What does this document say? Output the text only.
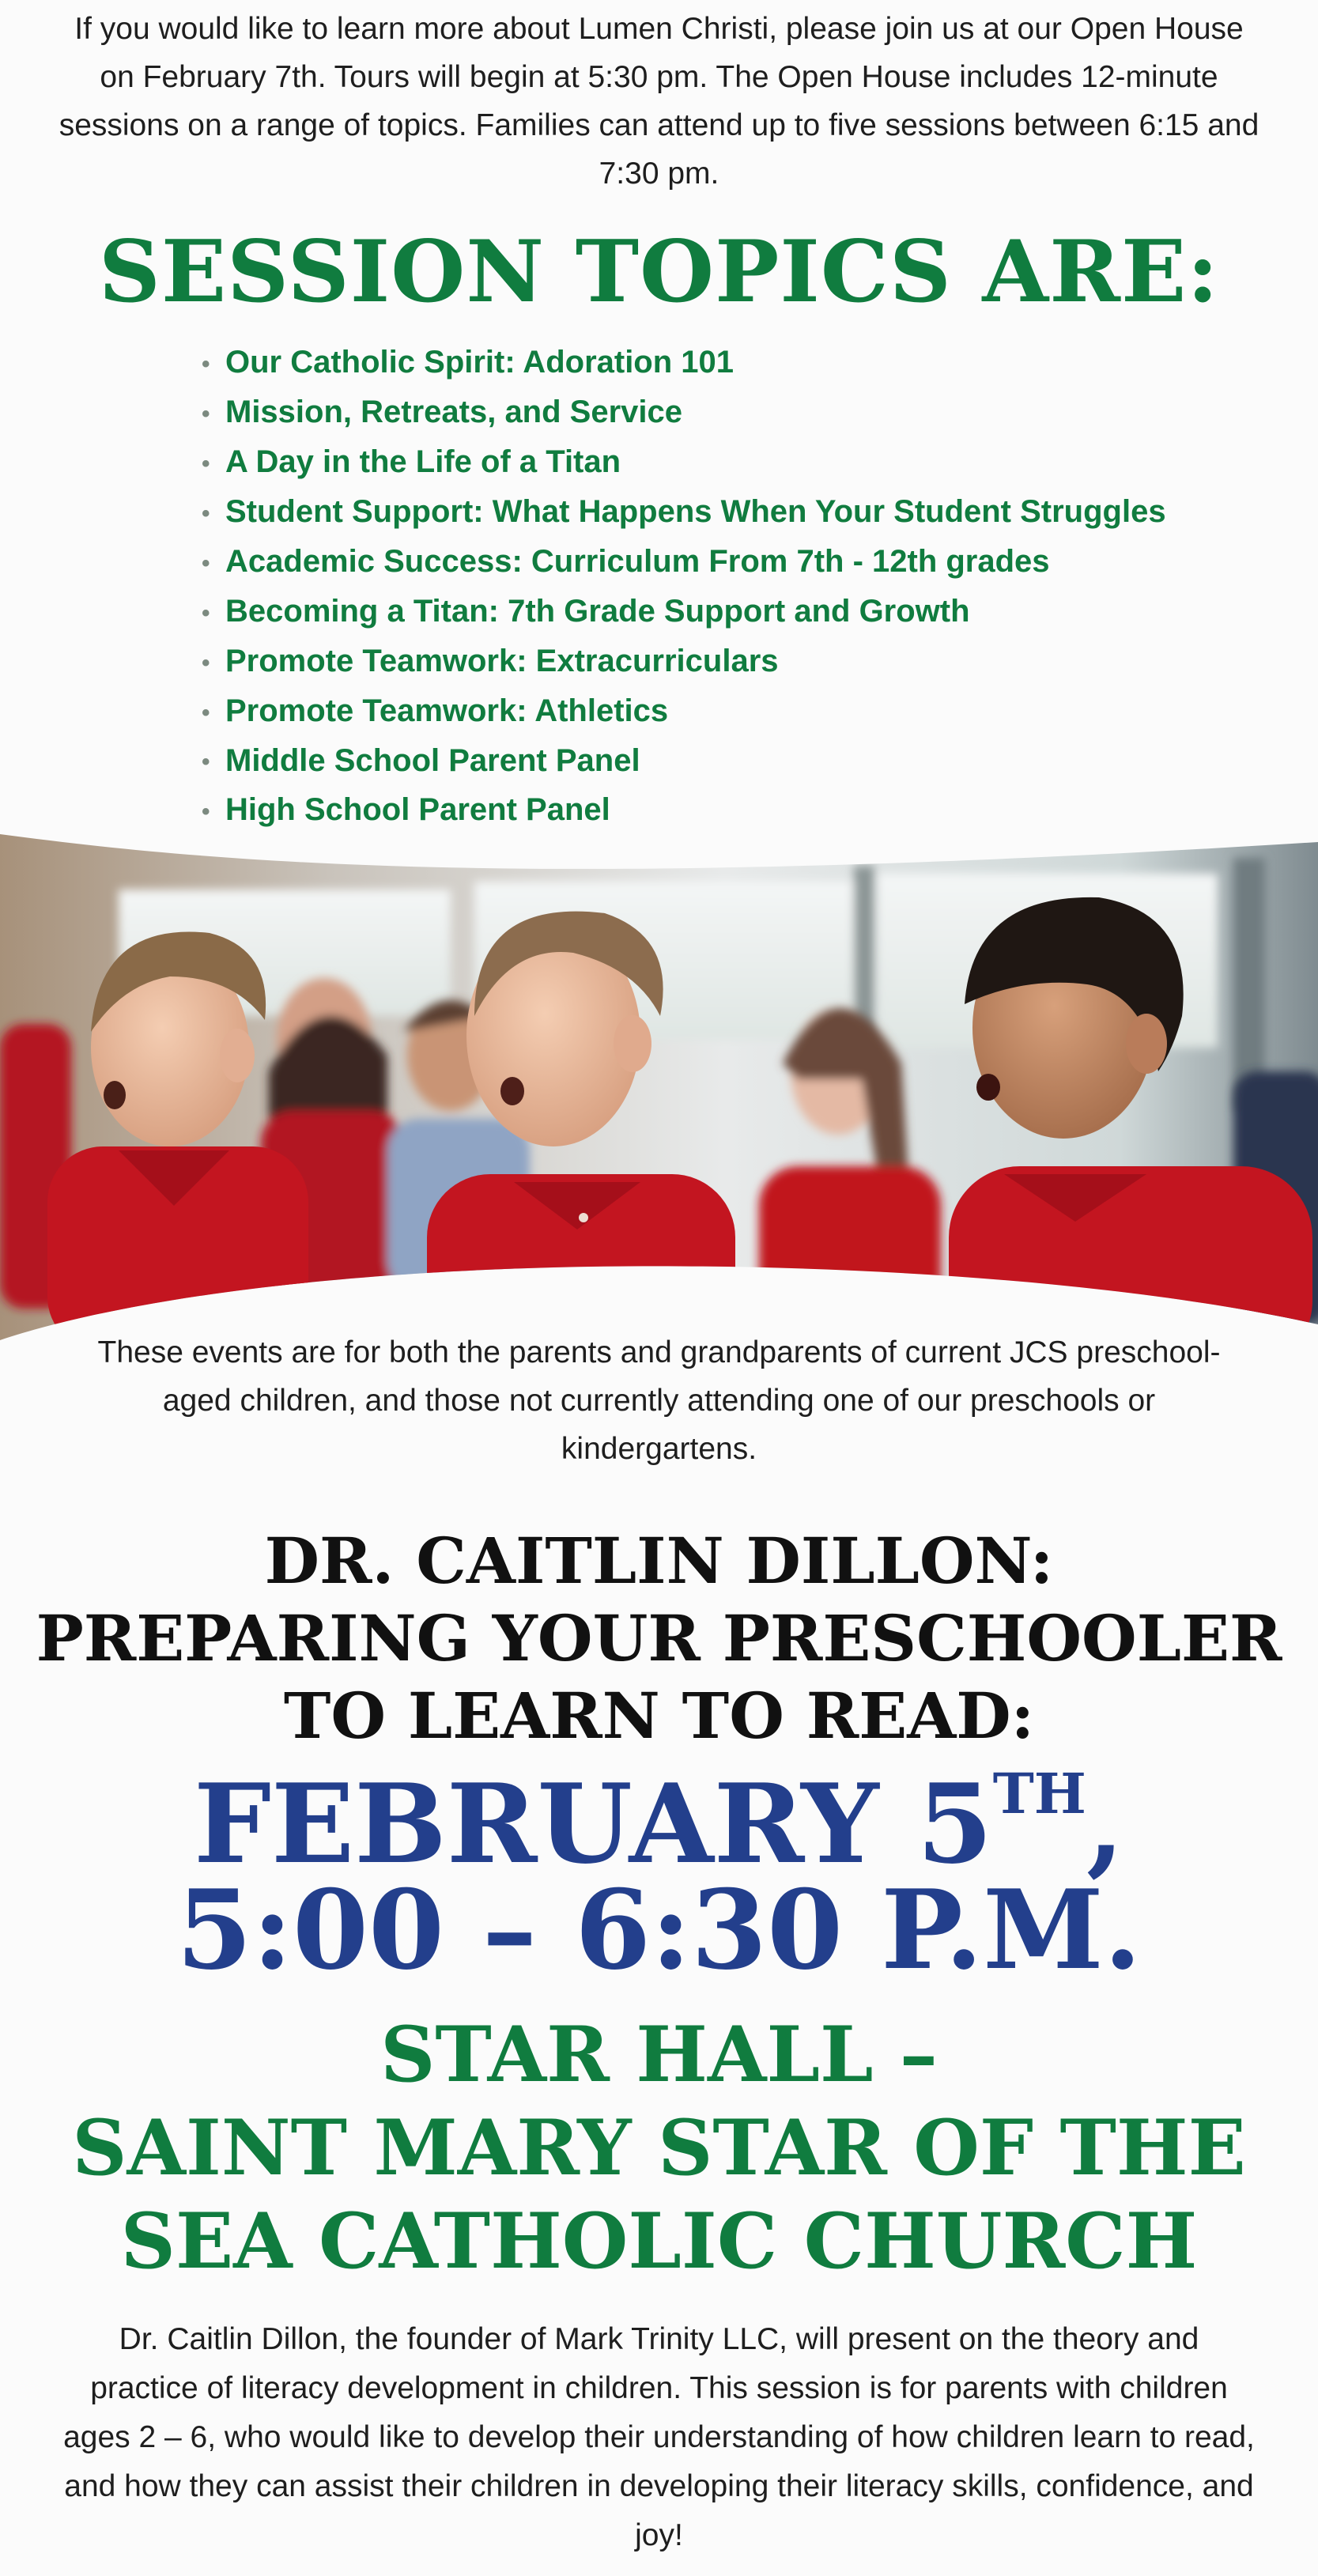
If you would like to learn more about Lumen Christi, please join us at our Open House on February 7th. Tours will begin at 5:30 pm. The Open House includes 12-minute sessions on a range of topics. Families can attend up to five sessions between 6:15 and 7:30 pm.
SESSION TOPICS ARE:
• Our Catholic Spirit: Adoration 101
• Mission, Retreats, and Service
• A Day in the Life of a Titan
• Student Support: What Happens When Your Student Struggles
• Academic Success: Curriculum From 7th - 12th grades
• Becoming a Titan: 7th Grade Support and Growth
• Promote Teamwork: Extracurriculars
• Promote Teamwork: Athletics
• Middle School Parent Panel
• High School Parent Panel
These events are for both the parents and grandparents of current JCS preschool-aged children, and those not currently attending one of our preschools or kindergartens.
DR. CAITLIN DILLON:
PREPARING YOUR PRESCHOOLER
TO LEARN TO READ:
FEBRUARY 5TH,
5:00 – 6:30 P.M.
STAR HALL –
SAINT MARY STAR OF THE
SEA CATHOLIC CHURCH
Dr. Caitlin Dillon, the founder of Mark Trinity LLC, will present on the theory and practice of literacy development in children. This session is for parents with children ages 2 – 6, who would like to develop their understanding of how children learn to read, and how they can assist their children in developing their literacy skills, confidence, and joy!
